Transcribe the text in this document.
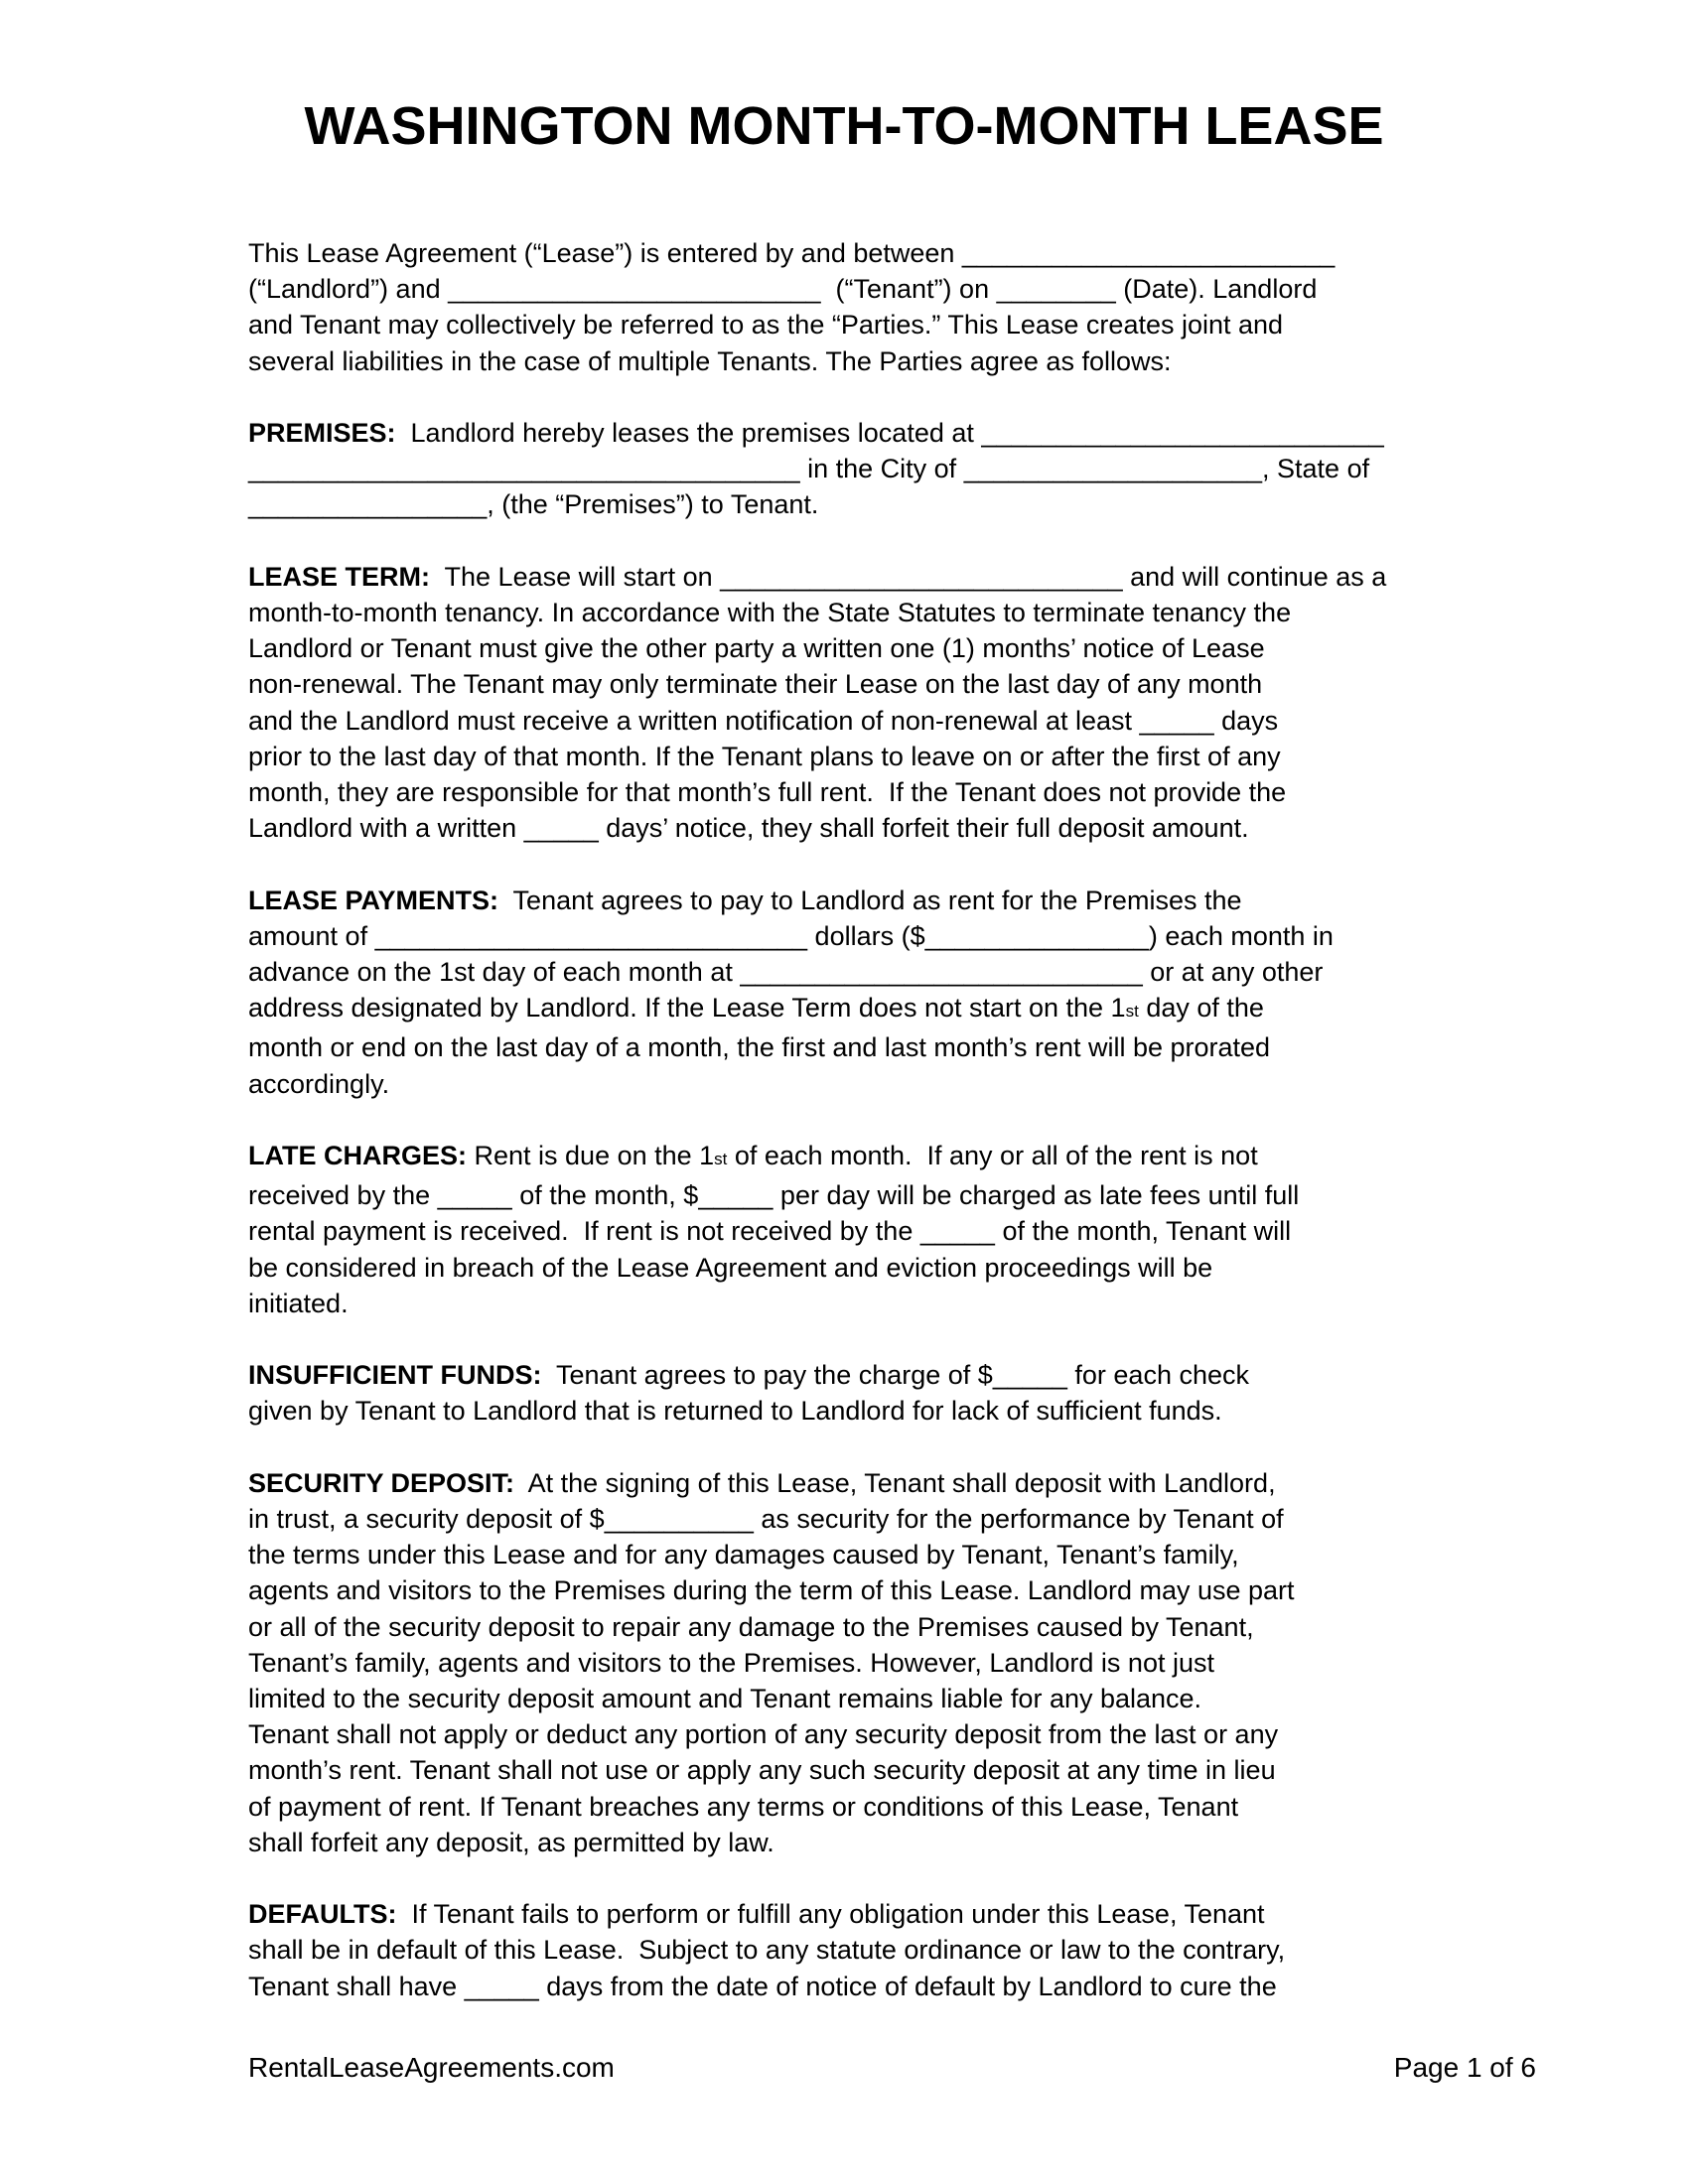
WASHINGTON MONTH-TO-MONTH LEASE
This Lease Agreement (“Lease”) is entered by and between _________________________
(“Landlord”) and _________________________  (“Tenant”) on ________ (Date). Landlord
and Tenant may collectively be referred to as the “Parties.” This Lease creates joint and
several liabilities in the case of multiple Tenants. The Parties agree as follows:
PREMISES:  Landlord hereby leases the premises located at ___________________________
_____________________________________ in the City of ____________________, State of
________________, (the “Premises”) to Tenant.
LEASE TERM:  The Lease will start on ___________________________ and will continue as a
month-to-month tenancy. In accordance with the State Statutes to terminate tenancy the
Landlord or Tenant must give the other party a written one (1) months’ notice of Lease
non-renewal. The Tenant may only terminate their Lease on the last day of any month
and the Landlord must receive a written notification of non-renewal at least _____ days
prior to the last day of that month. If the Tenant plans to leave on or after the first of any
month, they are responsible for that month’s full rent.  If the Tenant does not provide the
Landlord with a written _____ days’ notice, they shall forfeit their full deposit amount.
LEASE PAYMENTS:  Tenant agrees to pay to Landlord as rent for the Premises the
amount of _____________________________ dollars ($_______________) each month in
advance on the 1st day of each month at ___________________________ or at any other
address designated by Landlord. If the Lease Term does not start on the 1st day of the
month or end on the last day of a month, the first and last month’s rent will be prorated
accordingly.
LATE CHARGES: Rent is due on the 1st of each month.  If any or all of the rent is not
received by the _____ of the month, $_____ per day will be charged as late fees until full
rental payment is received.  If rent is not received by the _____ of the month, Tenant will
be considered in breach of the Lease Agreement and eviction proceedings will be
initiated.
INSUFFICIENT FUNDS:  Tenant agrees to pay the charge of $_____ for each check
given by Tenant to Landlord that is returned to Landlord for lack of sufficient funds.
SECURITY DEPOSIT:  At the signing of this Lease, Tenant shall deposit with Landlord,
in trust, a security deposit of $__________ as security for the performance by Tenant of
the terms under this Lease and for any damages caused by Tenant, Tenant’s family,
agents and visitors to the Premises during the term of this Lease. Landlord may use part
or all of the security deposit to repair any damage to the Premises caused by Tenant,
Tenant’s family, agents and visitors to the Premises. However, Landlord is not just
limited to the security deposit amount and Tenant remains liable for any balance.
Tenant shall not apply or deduct any portion of any security deposit from the last or any
month’s rent. Tenant shall not use or apply any such security deposit at any time in lieu
of payment of rent. If Tenant breaches any terms or conditions of this Lease, Tenant
shall forfeit any deposit, as permitted by law.
DEFAULTS:  If Tenant fails to perform or fulfill any obligation under this Lease, Tenant
shall be in default of this Lease.  Subject to any statute ordinance or law to the contrary,
Tenant shall have _____ days from the date of notice of default by Landlord to cure the
RentalLeaseAgreements.com	Page 1 of 6
